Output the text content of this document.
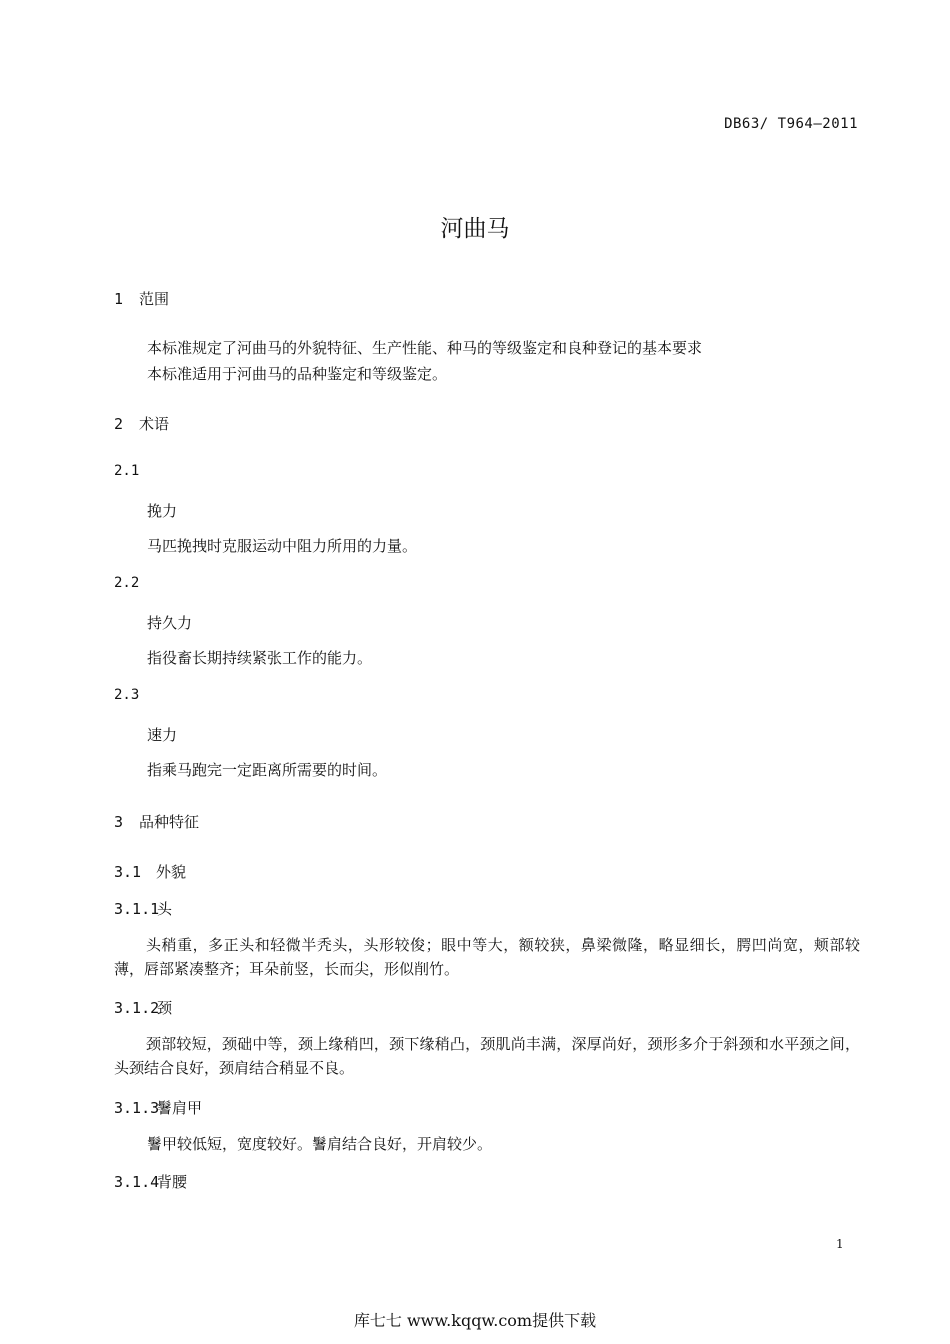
DB63/ T964—2011
河曲马
1 范围
本标准规定了河曲马的外貌特征、生产性能、种马的等级鉴定和良种登记的基本要求
本标准适用于河曲马的品种鉴定和等级鉴定。
2 术语
2.1
挽力
马匹挽拽时克服运动中阻力所用的力量。
2.2
持久力
指役畜长期持续紧张工作的能力。
2.3
速力
指乘马跑完一定距离所需要的时间。
3 品种特征
3.1 外貌
3.1.1头
头稍重，多正头和轻微半秃头，头形较俊；眼中等大，额较狭，鼻梁微隆，略显细长，腭凹尚宽，颊部较薄，唇部紧凑整齐；耳朵前竖，长而尖，形似削竹。
3.1.2颈
颈部较短，颈础中等，颈上缘稍凹，颈下缘稍凸，颈肌尚丰满，深厚尚好，颈形多介于斜颈和水平颈之间，头颈结合良好，颈肩结合稍显不良。
3.1.3鬐肩甲
鬐甲较低短，宽度较好。鬐肩结合良好，开肩较少。
3.1.4背腰
1
库七七 www.kqqw.com提供下载
